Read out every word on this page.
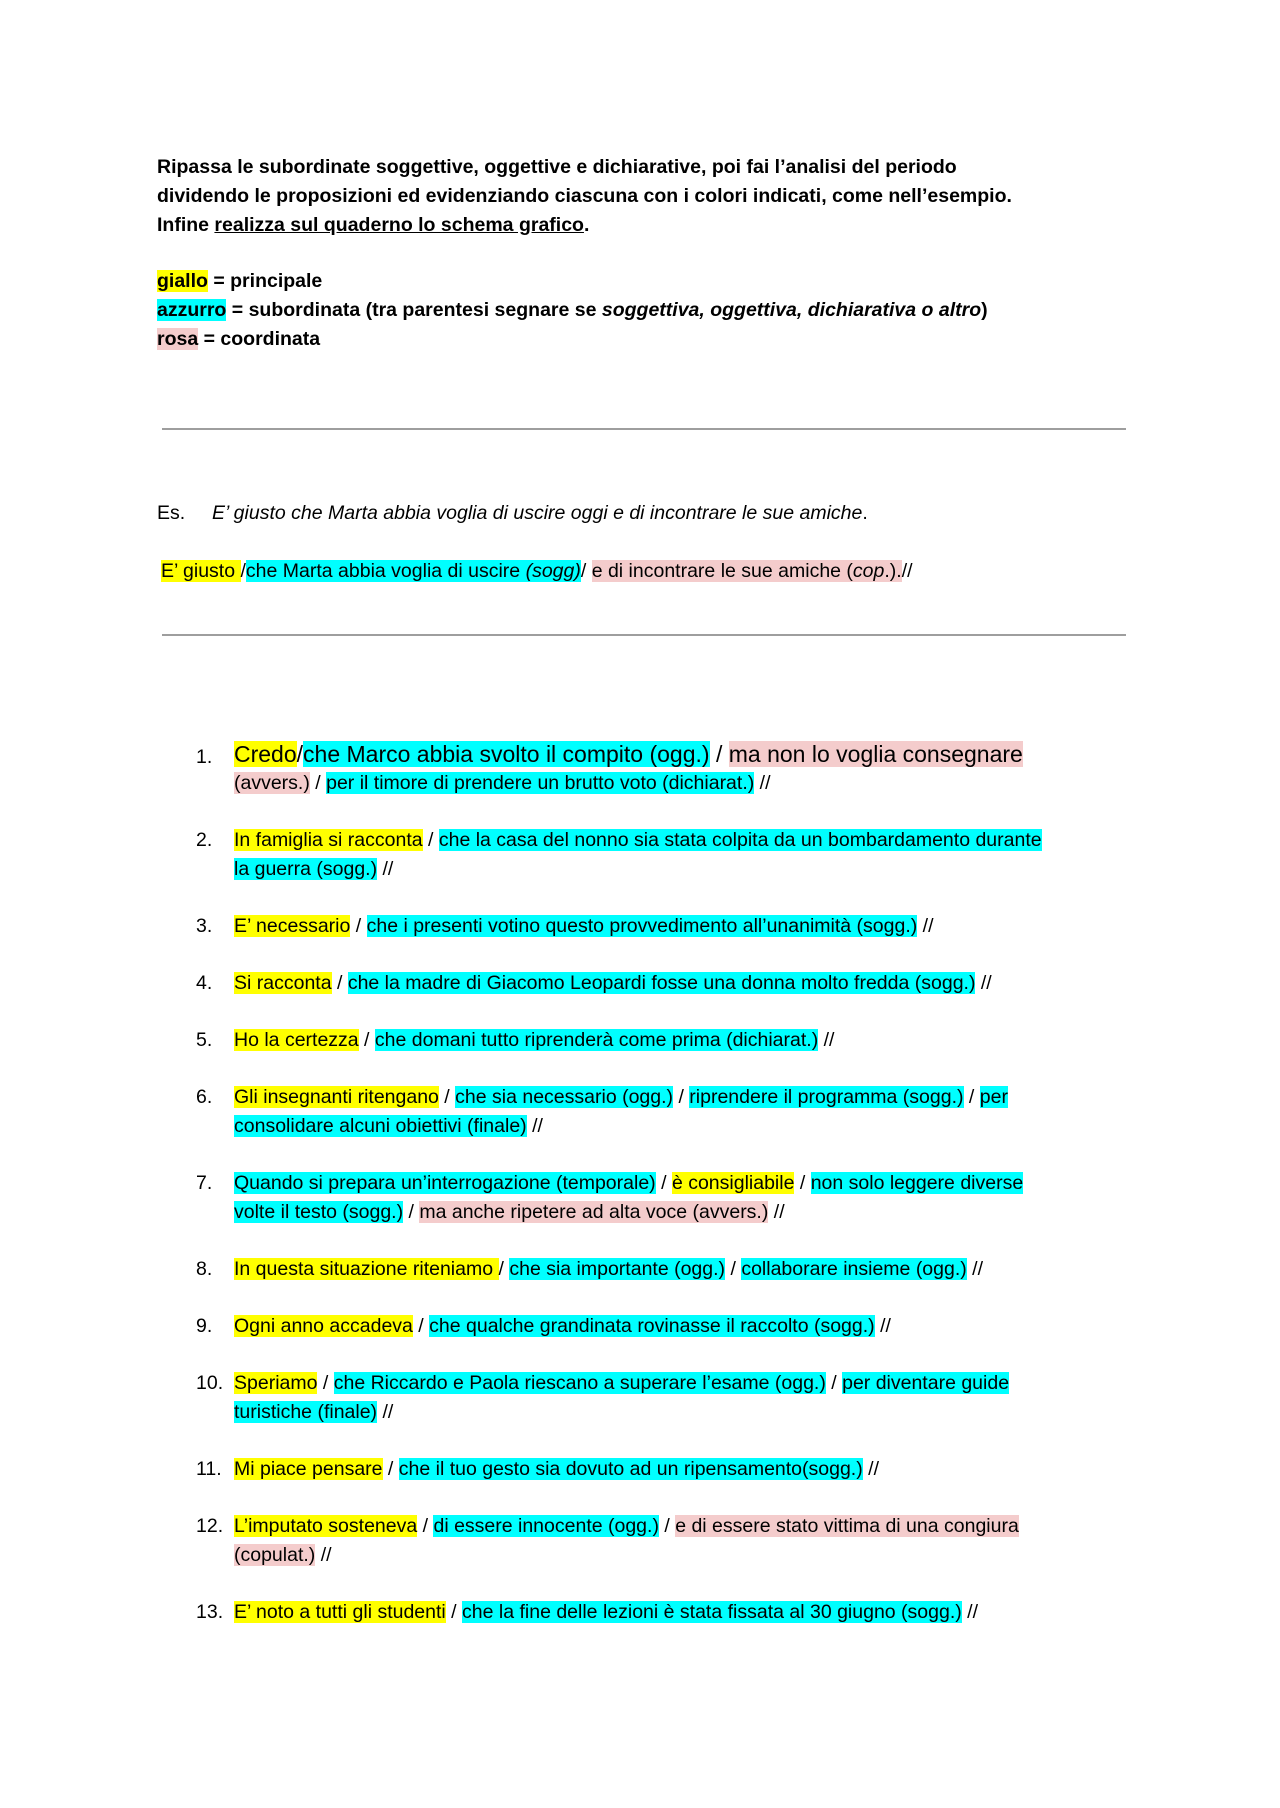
Ripassa le subordinate soggettive, oggettive e dichiarative, poi fai l’analisi del periodo

dividendo le proposizioni ed evidenziando ciascuna con i colori indicati, come nell’esempio.

Infine realizza sul quaderno lo schema grafico.

giallo = principale
azzurro = subordinata (tra parentesi segnare se soggettiva, oggettiva, dichiarativa o altro)
rosa = coordinata
Es. E’ giusto che Marta abbia voglia di uscire oggi e di incontrare le sue amiche.
E’ giusto /che Marta abbia voglia di uscire (sogg)/ e di incontrare le sue amiche (cop.).//
1. Credo/che Marco abbia svolto il compito (ogg.) / ma non lo voglia consegnare
(avvers.) / per il timore di prendere un brutto voto (dichiarat.) //
2.	In famiglia si racconta / che la casa del nonno sia stata colpita da un bombardamento durante
la guerra (sogg.) //
3.	E’ necessario / che i presenti votino questo provvedimento all’unanimità (sogg.) //
4.	Si racconta / che la madre di Giacomo Leopardi fosse una donna molto fredda (sogg.) //
5.	Ho la certezza / che domani tutto riprenderà come prima (dichiarat.) //
6.	Gli insegnanti ritengano / che sia necessario (ogg.) / riprendere il programma (sogg.) / per
consolidare alcuni obiettivi (finale) //
7.	Quando si prepara un’interrogazione (temporale) / è consigliabile / non solo leggere diverse
volte il testo (sogg.) / ma anche ripetere ad alta voce (avvers.) //
8.	In questa situazione riteniamo / che sia importante (ogg.) / collaborare insieme (ogg.) //
9.	Ogni anno accadeva / che qualche grandinata rovinasse il raccolto (sogg.) //
10. Speriamo / che Riccardo e Paola riescano a superare l’esame (ogg.) / per diventare guide
turistiche (finale) //
11. Mi piace pensare / che il tuo gesto sia dovuto ad un ripensamento(sogg.) //
12. L’imputato sosteneva / di essere innocente (ogg.) / e di essere stato vittima di una congiura
(copulat.) //
13. E’ noto a tutti gli studenti / che la fine delle lezioni è stata fissata al 30 giugno (sogg.) //
